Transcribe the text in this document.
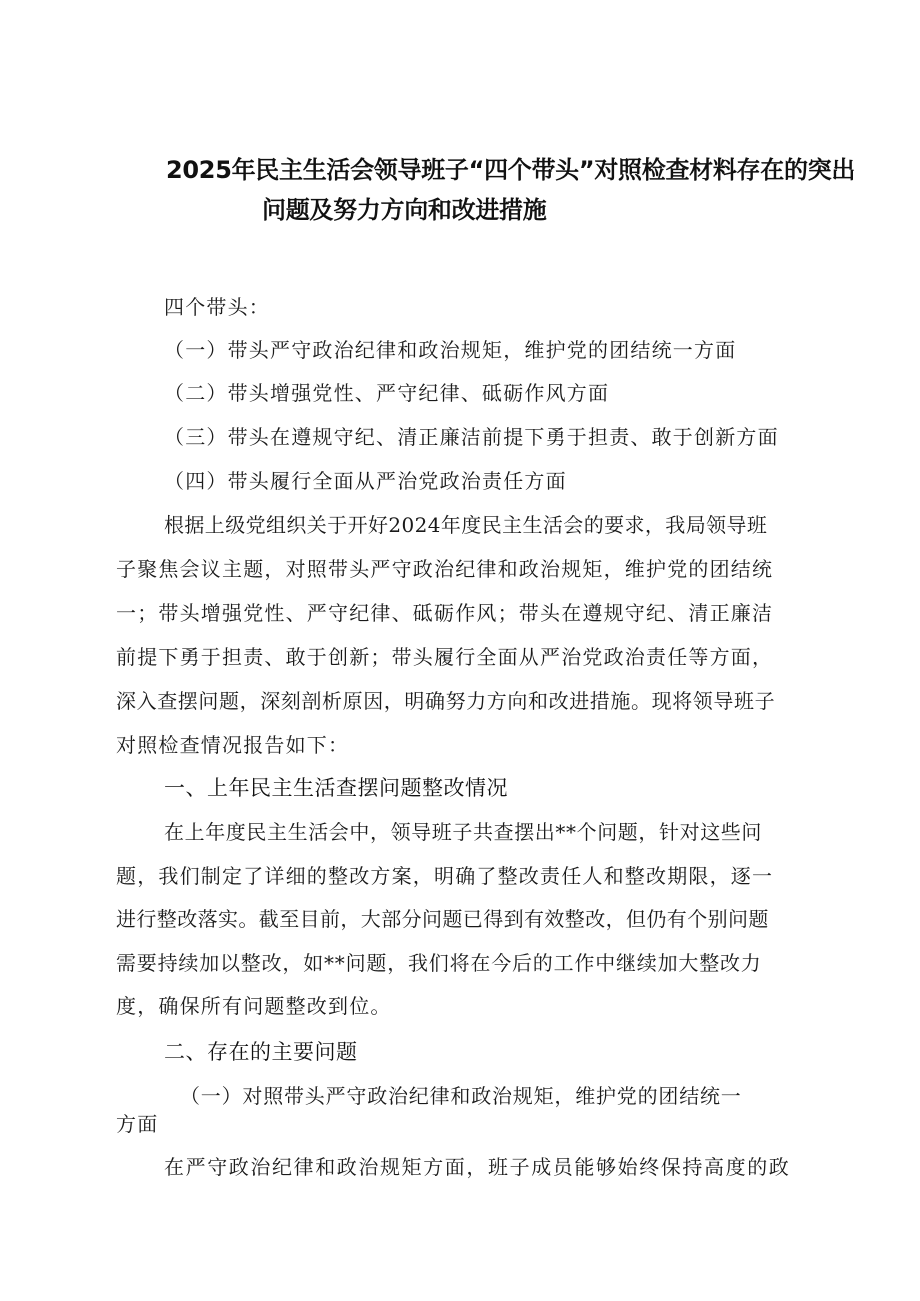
2025年民主生活会领导班子“四个带头”对照检查材料存在的突出
问题及努力方向和改进措施
四个带头：
（一）带头严守政治纪律和政治规矩，维护党的团结统一方面
（二）带头增强党性、严守纪律、砥砺作风方面
（三）带头在遵规守纪、清正廉洁前提下勇于担责、敢于创新方面
（四）带头履行全面从严治党政治责任方面
根据上级党组织关于开好2024年度民主生活会的要求，我局领导班
子聚焦会议主题，对照带头严守政治纪律和政治规矩，维护党的团结统
一；带头增强党性、严守纪律、砥砺作风；带头在遵规守纪、清正廉洁
前提下勇于担责、敢于创新；带头履行全面从严治党政治责任等方面，
深入查摆问题，深刻剖析原因，明确努力方向和改进措施。现将领导班子
对照检查情况报告如下：
一、上年民主生活查摆问题整改情况
在上年度民主生活会中，领导班子共查摆出**个问题，针对这些问
题，我们制定了详细的整改方案，明确了整改责任人和整改期限，逐一
进行整改落实。截至目前，大部分问题已得到有效整改，但仍有个别问题
需要持续加以整改，如**问题，我们将在今后的工作中继续加大整改力
度，确保所有问题整改到位。
二、存在的主要问题
（一）对照带头严守政治纪律和政治规矩，维护党的团结统一
方面
在严守政治纪律和政治规矩方面，班子成员能够始终保持高度的政
